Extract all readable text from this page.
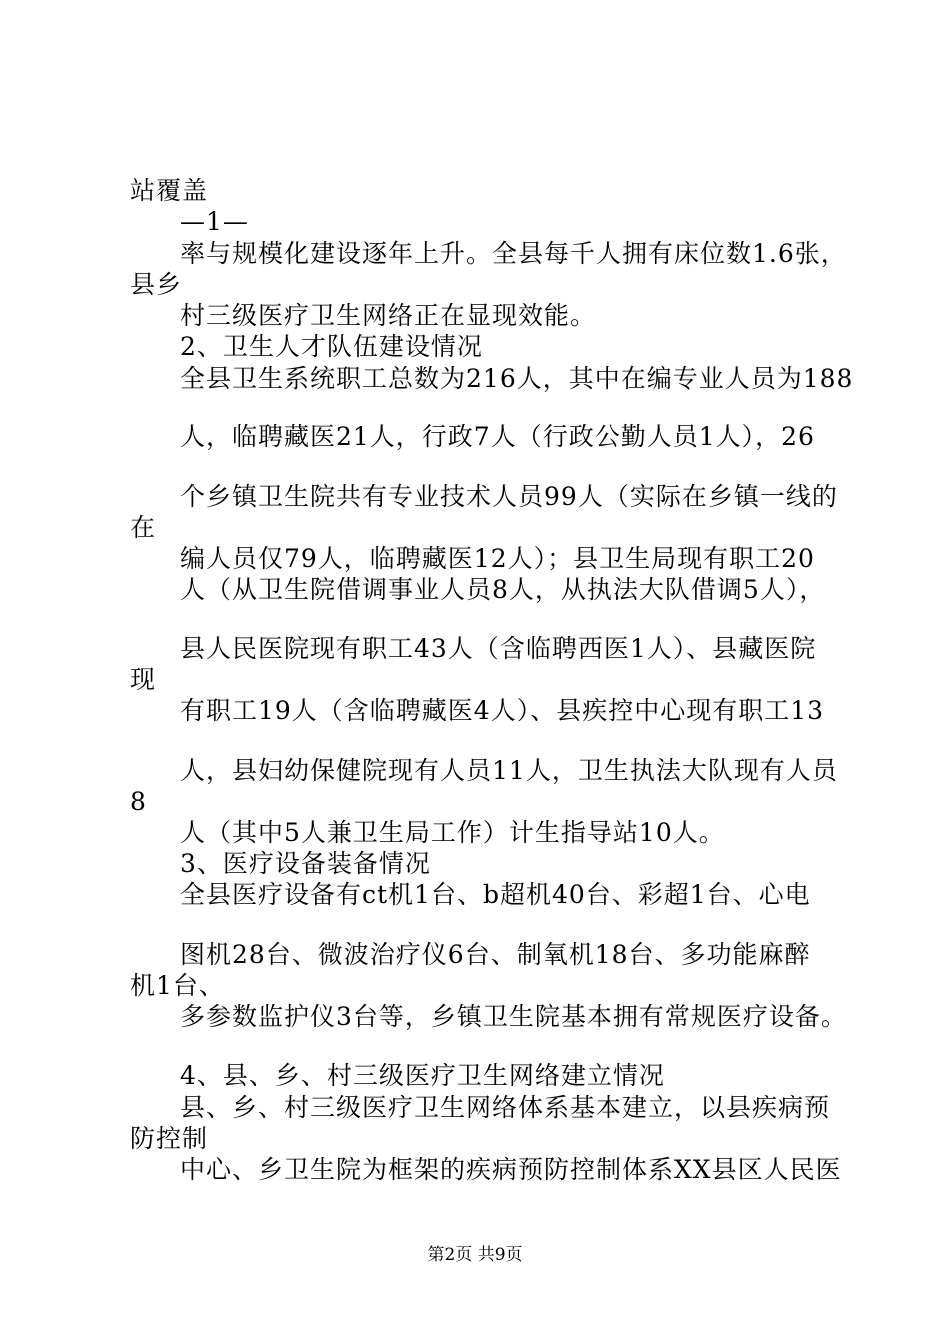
站覆盖
—1—
率与规模化建设逐年上升。全县每千人拥有床位数1.6张，
县乡
村三级医疗卫生网络正在显现效能。
2、卫生人才队伍建设情况
全县卫生系统职工总数为216人，其中在编专业人员为188
人，临聘藏医21人，行政7人（行政公勤人员1人），26
个乡镇卫生院共有专业技术人员99人（实际在乡镇一线的
在
编人员仅79人，临聘藏医12人）；县卫生局现有职工20
人（从卫生院借调事业人员8人，从执法大队借调5人），
县人民医院现有职工43人（含临聘西医1人）、县藏医院
现
有职工19人（含临聘藏医4人）、县疾控中心现有职工13
人，县妇幼保健院现有人员11人，卫生执法大队现有人员
8
人（其中5人兼卫生局工作）计生指导站10人。
3、医疗设备装备情况
全县医疗设备有ct机1台、b超机40台、彩超1台、心电
图机28台、微波治疗仪6台、制氧机18台、多功能麻醉
机1台、
多参数监护仪3台等，乡镇卫生院基本拥有常规医疗设备。
4、县、乡、村三级医疗卫生网络建立情况
县、乡、村三级医疗卫生网络体系基本建立，以县疾病预
防控制
中心、乡卫生院为框架的疾病预防控制体系XX县区人民医
第2页 共9页
